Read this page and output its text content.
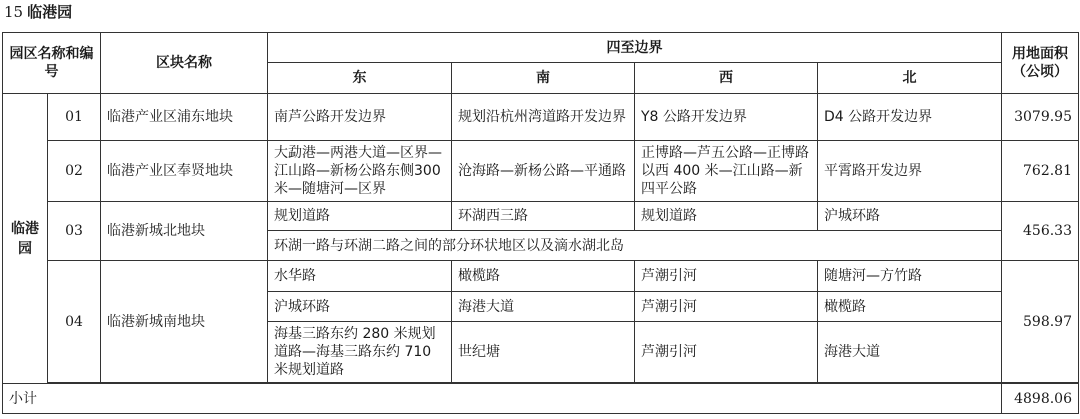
15 临港园
园区名称和编号		区块名称	四至边界				用地面积（公顷）
			东	南	西	北	
临港园	01	临港产业区浦东地块	南芦公路开发边界	规划沿杭州湾道路开发边界	Y8 公路开发边界	D4 公路开发边界	3079.95
	02	临港产业区奉贤地块	大勐港—两港大道—区界—江山路—新杨公路东侧300 米—随塘河—区界	沧海路—新杨公路—平通路	正博路—芦五公路—正博路以西 400 米—江山路—新四平公路	平霄路开发边界	762.81
	03	临港新城北地块	规划道路	环湖西三路	规划道路	沪城环路	456.33
			环湖一路与环湖二路之间的部分环状地区以及滴水湖北岛				
	04	临港新城南地块	水华路	橄榄路	芦潮引河	随塘河—方竹路	598.97
			沪城环路	海港大道	芦潮引河	橄榄路	
			海基三路东约 280 米规划道路—海基三路东约 710 米规划道路	世纪塘	芦潮引河	海港大道	

小计							4898.06
